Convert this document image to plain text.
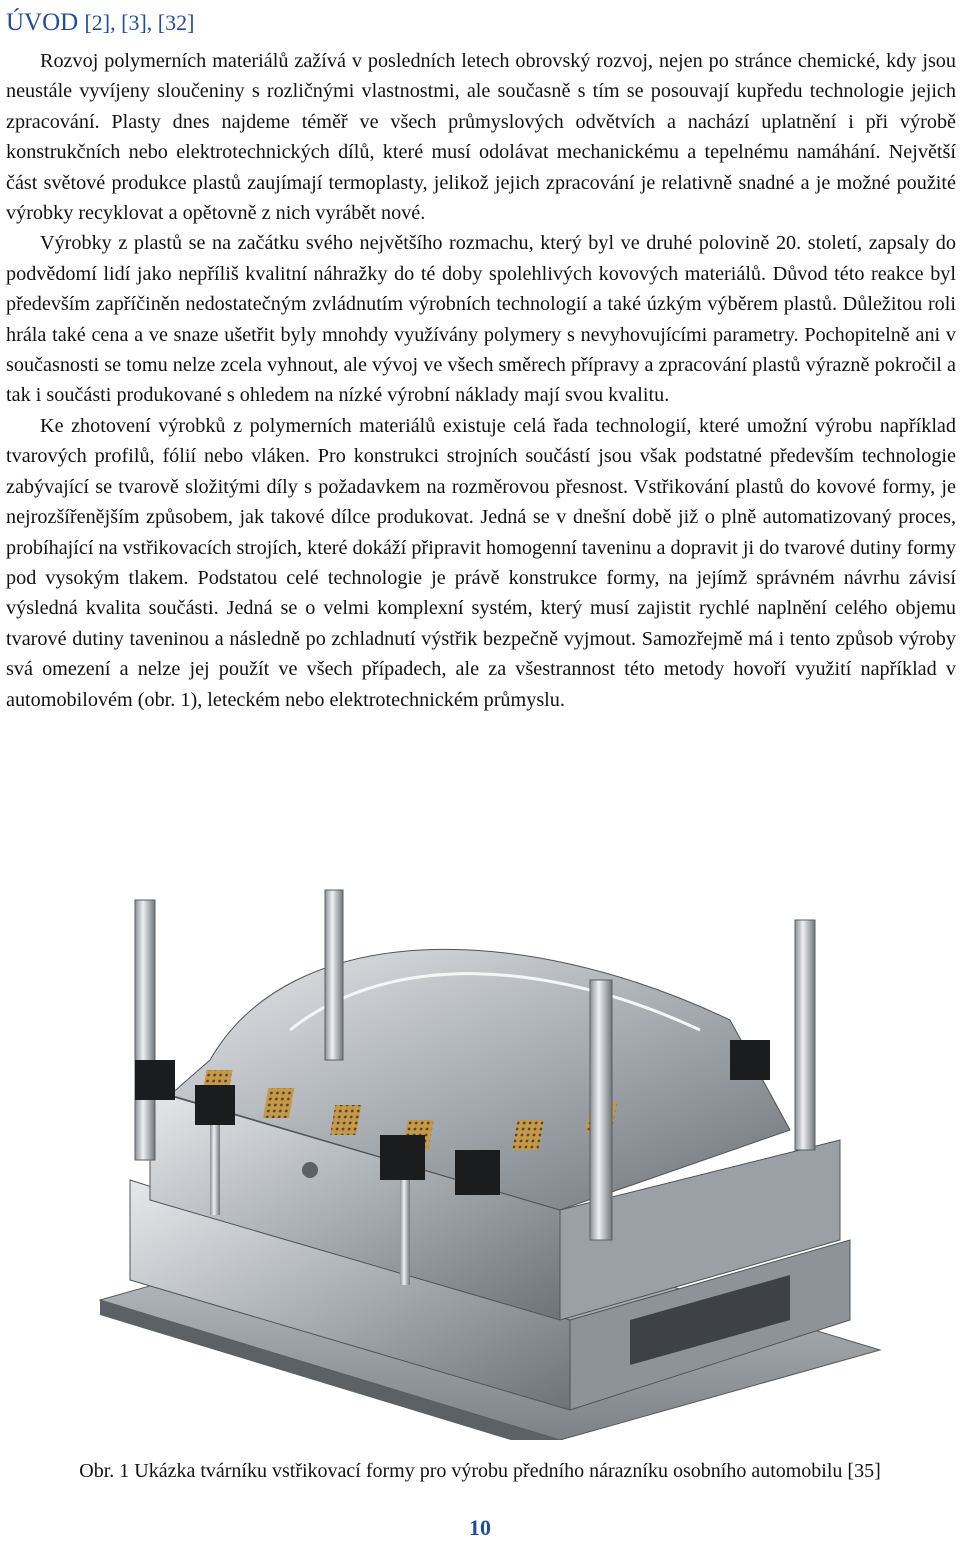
ÚVOD [2], [3], [32]

Rozvoj polymerních materiálů zažívá v posledních letech obrovský rozvoj, nejen po stránce chemické, kdy jsou neustále vyvíjeny sloučeniny s rozličnými vlastnostmi, ale současně s tím se posouvají kupředu technologie jejich zpracování. Plasty dnes najdeme téměř ve všech průmyslových odvětvích a nachází uplatnění i při výrobě konstrukčních nebo elektrotechnických dílů, které musí odolávat mechanickému a tepelnému namáhání. Největší část světové produkce plastů zaujímají termoplasty, jelikož jejich zpracování je relativně snadné a je možné použité výrobky recyklovat a opětovně z nich vyrábět nové.

Výrobky z plastů se na začátku svého největšího rozmachu, který byl ve druhé polovině 20. století, zapsaly do podvědomí lidí jako nepříliš kvalitní náhražky do té doby spolehlivých kovových materiálů. Důvod této reakce byl především zapříčiněn nedostatečným zvládnutím výrobních technologií a také úzkým výběrem plastů. Důležitou roli hrála také cena a ve snaze ušetřit byly mnohdy využívány polymery s nevyhovujícími parametry. Pochopitelně ani v současnosti se tomu nelze zcela vyhnout, ale vývoj ve všech směrech přípravy a zpracování plastů výrazně pokročil a tak i součásti produkované s ohledem na nízké výrobní náklady mají svou kvalitu.

Ke zhotovení výrobků z polymerních materiálů existuje celá řada technologií, které umožní výrobu například tvarových profilů, fólií nebo vláken. Pro konstrukci strojních součástí jsou však podstatné především technologie zabývající se tvarově složitými díly s požadavkem na rozměrovou přesnost. Vstřikování plastů do kovové formy, je nejrozšířenějším způsobem, jak takové dílce produkovat. Jedná se v dnešní době již o plně automatizovaný proces, probíhající na vstřikovacích strojích, které dokáží připravit homogenní taveninu a dopravit ji do tvarové dutiny formy pod vysokým tlakem. Podstatou celé technologie je právě konstrukce formy, na jejímž správném návrhu závisí výsledná kvalita součásti. Jedná se o velmi komplexní systém, který musí zajistit rychlé naplnění celého objemu tvarové dutiny taveninou a následně po zchladnutí výstřik bezpečně vyjmout. Samozřejmě má i tento způsob výroby svá omezení a nelze jej použít ve všech případech, ale za všestrannost této metody hovoří využití například v automobilovém (obr. 1), leteckém nebo elektrotechnickém průmyslu.

Obr. 1 Ukázka tvárníku vstřikovací formy pro výrobu předního nárazníku osobního automobilu [35]
10
